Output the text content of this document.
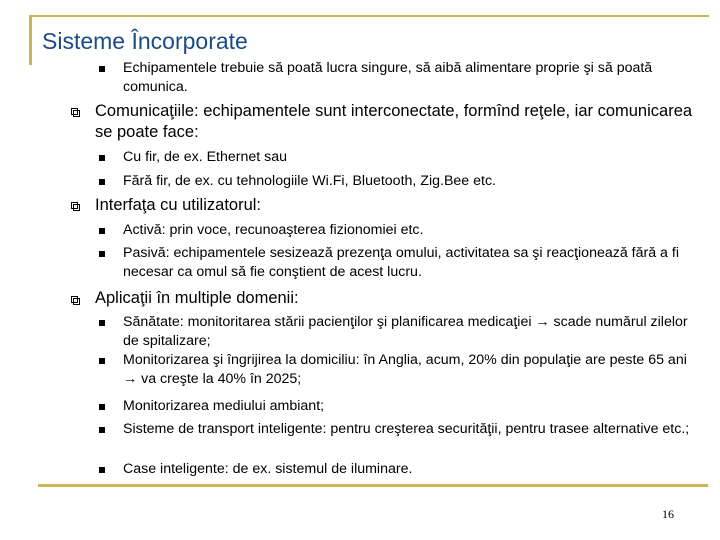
Sisteme Încorporate
Echipamentele trebuie să poată lucra singure, să aibă alimentare proprie şi să poată comunica.
Comunicaţiile: echipamentele sunt interconectate, formînd reţele, iar comunicarea se poate face:
Cu fir, de ex. Ethernet sau
Fără fir, de ex. cu tehnologiile Wi.Fi, Bluetooth, Zig.Bee etc.
Interfaţa cu utilizatorul:
Activă: prin voce, recunoaşterea fizionomiei etc.
Pasivă: echipamentele sesizează prezenţa omului, activitatea sa şi reacţionează fără a fi necesar ca omul să fie conştient de acest lucru.
Aplicaţii în multiple domenii:
Sănătate: monitoritarea stării pacienţilor şi planificarea medicaţiei → scade numărul zilelor de spitalizare;
Monitorizarea şi îngrijirea la domiciliu: în Anglia, acum, 20% din populaţie are peste 65 ani → va creşte la 40% în 2025;
Monitorizarea mediului ambiant;
Sisteme de transport inteligente: pentru creşterea securităţii, pentru trasee alternative etc.;
Case inteligente: de ex. sistemul de iluminare.
16
